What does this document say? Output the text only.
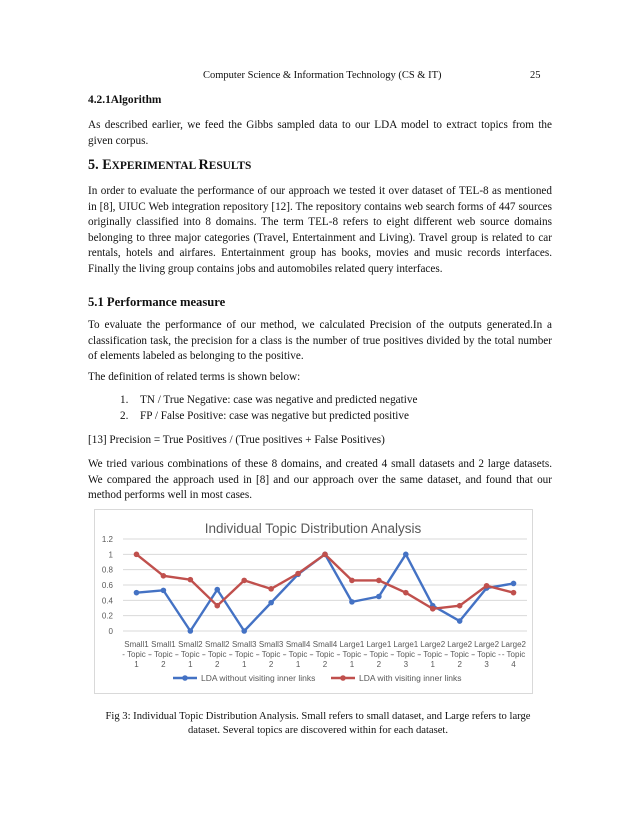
Computer Science & Information Technology (CS & IT)	25
4.2.1Algorithm

As described earlier, we feed the Gibbs sampled data to our LDA model to extract topics from the given corpus.

5. EXPERIMENTAL RESULTS

In order to evaluate the performance of our approach we tested it over dataset of TEL-8 as mentioned in [8], UIUC Web integration repository [12]. The repository contains web search forms of 447 sources originally classified into 8 domains. The term TEL-8 refers to eight different web source domains belonging to three major categories (Travel, Entertainment and Living). Travel group is related to car rentals, hotels and airfares. Entertainment group has books, movies and music records interfaces. Finally the living group contains jobs and automobiles related query interfaces.

5.1 Performance measure

To evaluate the performance of our method, we calculated Precision of the outputs generated.In a classification task, the precision for a class is the number of true positives divided by the total number of elements labeled as belonging to the positive.

The definition of related terms is shown below:

1. TN / True Negative: case was negative and predicted negative
2. FP / False Positive: case was negative but predicted positive

[13] Precision = True Positives / (True positives + False Positives)

We tried various combinations of these 8 domains, and created 4 small datasets and 2 large datasets. We compared the approach used in [8] and our approach over the same dataset, and found that our method performs well in most cases.

Individual Topic Distribution Analysis
0
0.2
0.4
0.6
0.8
1
1.2
Small1
- Topic -
1
Small1
- Topic -
2
Small2
- Topic -
1
Small2
- Topic -
2
Small3
- Topic -
1
Small3
- Topic -
2
Small4
- Topic -
1
Small4
- Topic -
2
Large1
- Topic -
1
Large1
- Topic -
2
Large1
- Topic -
3
Large2
- Topic -
1
Large2
- Topic -
2
Large2
- Topic -
3
Large2
- Topic
4
LDA without visiting inner links	LDA with visiting inner links
Fig 3: Individual Topic Distribution Analysis. Small refers to small dataset, and Large refers to large dataset. Several topics are discovered within for each dataset.
